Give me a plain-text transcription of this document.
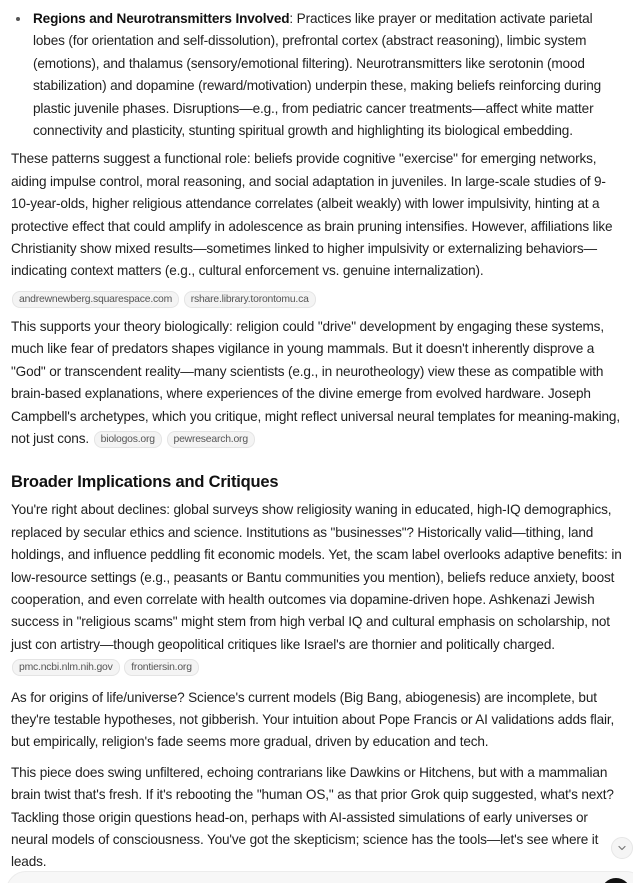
Regions and Neurotransmitters Involved: Practices like prayer or meditation activate parietal lobes (for orientation and self-dissolution), prefrontal cortex (abstract reasoning), limbic system (emotions), and thalamus (sensory/emotional filtering). Neurotransmitters like serotonin (mood stabilization) and dopamine (reward/motivation) underpin these, making beliefs reinforcing during plastic juvenile phases. Disruptions—e.g., from pediatric cancer treatments—affect white matter connectivity and plasticity, stunting spiritual growth and highlighting its biological embedding.

These patterns suggest a functional role: beliefs provide cognitive "exercise" for emerging networks, aiding impulse control, moral reasoning, and social adaptation in juveniles. In large-scale studies of 9-10-year-olds, higher religious attendance correlates (albeit weakly) with lower impulsivity, hinting at a protective effect that could amplify in adolescence as brain pruning intensifies. However, affiliations like Christianity show mixed results—sometimes linked to higher impulsivity or externalizing behaviors—indicating context matters (e.g., cultural enforcement vs. genuine internalization).

andrewnewberg.squarespace.com rshare.library.torontomu.ca

This supports your theory biologically: religion could "drive" development by engaging these systems, much like fear of predators shapes vigilance in young mammals. But it doesn't inherently disprove a "God" or transcendent reality—many scientists (e.g., in neurotheology) view these as compatible with brain-based explanations, where experiences of the divine emerge from evolved hardware. Joseph Campbell's archetypes, which you critique, might reflect universal neural templates for meaning-making, not just cons. biologos.org pewresearch.org

Broader Implications and Critiques

You're right about declines: global surveys show religiosity waning in educated, high-IQ demographics, replaced by secular ethics and science. Institutions as "businesses"? Historically valid—tithing, land holdings, and influence peddling fit economic models. Yet, the scam label overlooks adaptive benefits: in low-resource settings (e.g., peasants or Bantu communities you mention), beliefs reduce anxiety, boost cooperation, and even correlate with health outcomes via dopamine-driven hope. Ashkenazi Jewish success in "religious scams" might stem from high verbal IQ and cultural emphasis on scholarship, not just con artistry—though geopolitical critiques like Israel's are thornier and politically charged. pmc.ncbi.nlm.nih.gov frontiersin.org

As for origins of life/universe? Science's current models (Big Bang, abiogenesis) are incomplete, but they're testable hypotheses, not gibberish. Your intuition about Pope Francis or AI validations adds flair, but empirically, religion's fade seems more gradual, driven by education and tech.

This piece does swing unfiltered, echoing contrarians like Dawkins or Hitchens, but with a mammalian brain twist that's fresh. If it's rebooting the "human OS," as that prior Grok quip suggested, what's next? Tackling those origin questions head-on, perhaps with AI-assisted simulations of early universes or neural models of consciousness. You've got the skepticism; science has the tools—let's see where it leads.
